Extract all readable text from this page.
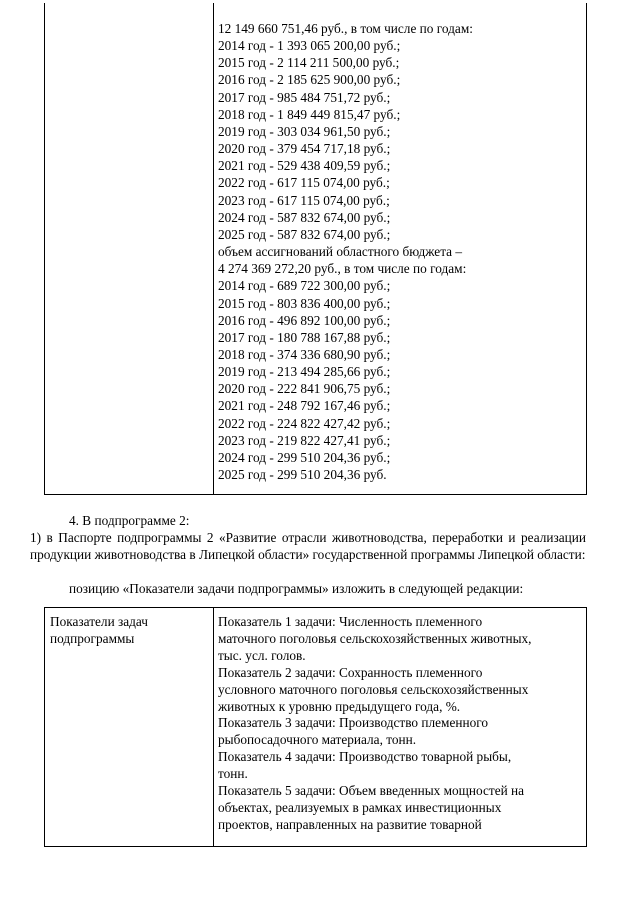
12 149 660 751,46 руб., в том числе по годам:
2014 год - 1 393 065 200,00 руб.;
2015 год - 2 114 211 500,00 руб.;
2016 год - 2 185 625 900,00 руб.;
2017 год - 985 484 751,72 руб.;
2018 год - 1 849 449 815,47 руб.;
2019 год - 303 034 961,50 руб.;
2020 год - 379 454 717,18 руб.;
2021 год - 529 438 409,59 руб.;
2022 год - 617 115 074,00 руб.;
2023 год - 617 115 074,00 руб.;
2024 год - 587 832 674,00 руб.;
2025 год - 587 832 674,00 руб.;
объем ассигнований областного бюджета –
4 274 369 272,20 руб., в том числе по годам:
2014 год - 689 722 300,00 руб.;
2015 год - 803 836 400,00 руб.;
2016 год - 496 892 100,00 руб.;
2017 год - 180 788 167,88 руб.;
2018 год - 374 336 680,90 руб.;
2019 год - 213 494 285,66 руб.;
2020 год - 222 841 906,75 руб.;
2021 год - 248 792 167,46 руб.;
2022 год - 224 822 427,42 руб.;
2023 год - 219 822 427,41 руб.;
2024 год - 299 510 204,36 руб.;
2025 год - 299 510 204,36 руб.
4. В подпрограмме 2:
1) в Паспорте подпрограммы 2 «Развитие отрасли животноводства, переработки и реализации продукции животноводства в Липецкой области» государственной программы Липецкой области:
позицию «Показатели задачи подпрограммы» изложить в следующей редакции:
Показатели задач
подпрограммы
Показатель 1 задачи: Численность племенного
маточного поголовья сельскохозяйственных животных,
тыс. усл. голов.
Показатель 2 задачи: Сохранность племенного
условного маточного поголовья сельскохозяйственных
животных к уровню предыдущего года, %.
Показатель 3 задачи: Производство племенного
рыбопосадочного материала, тонн.
Показатель 4 задачи: Производство товарной рыбы,
тонн.
Показатель 5 задачи: Объем введенных мощностей на
объектах, реализуемых в рамках инвестиционных
проектов, направленных на развитие товарной
